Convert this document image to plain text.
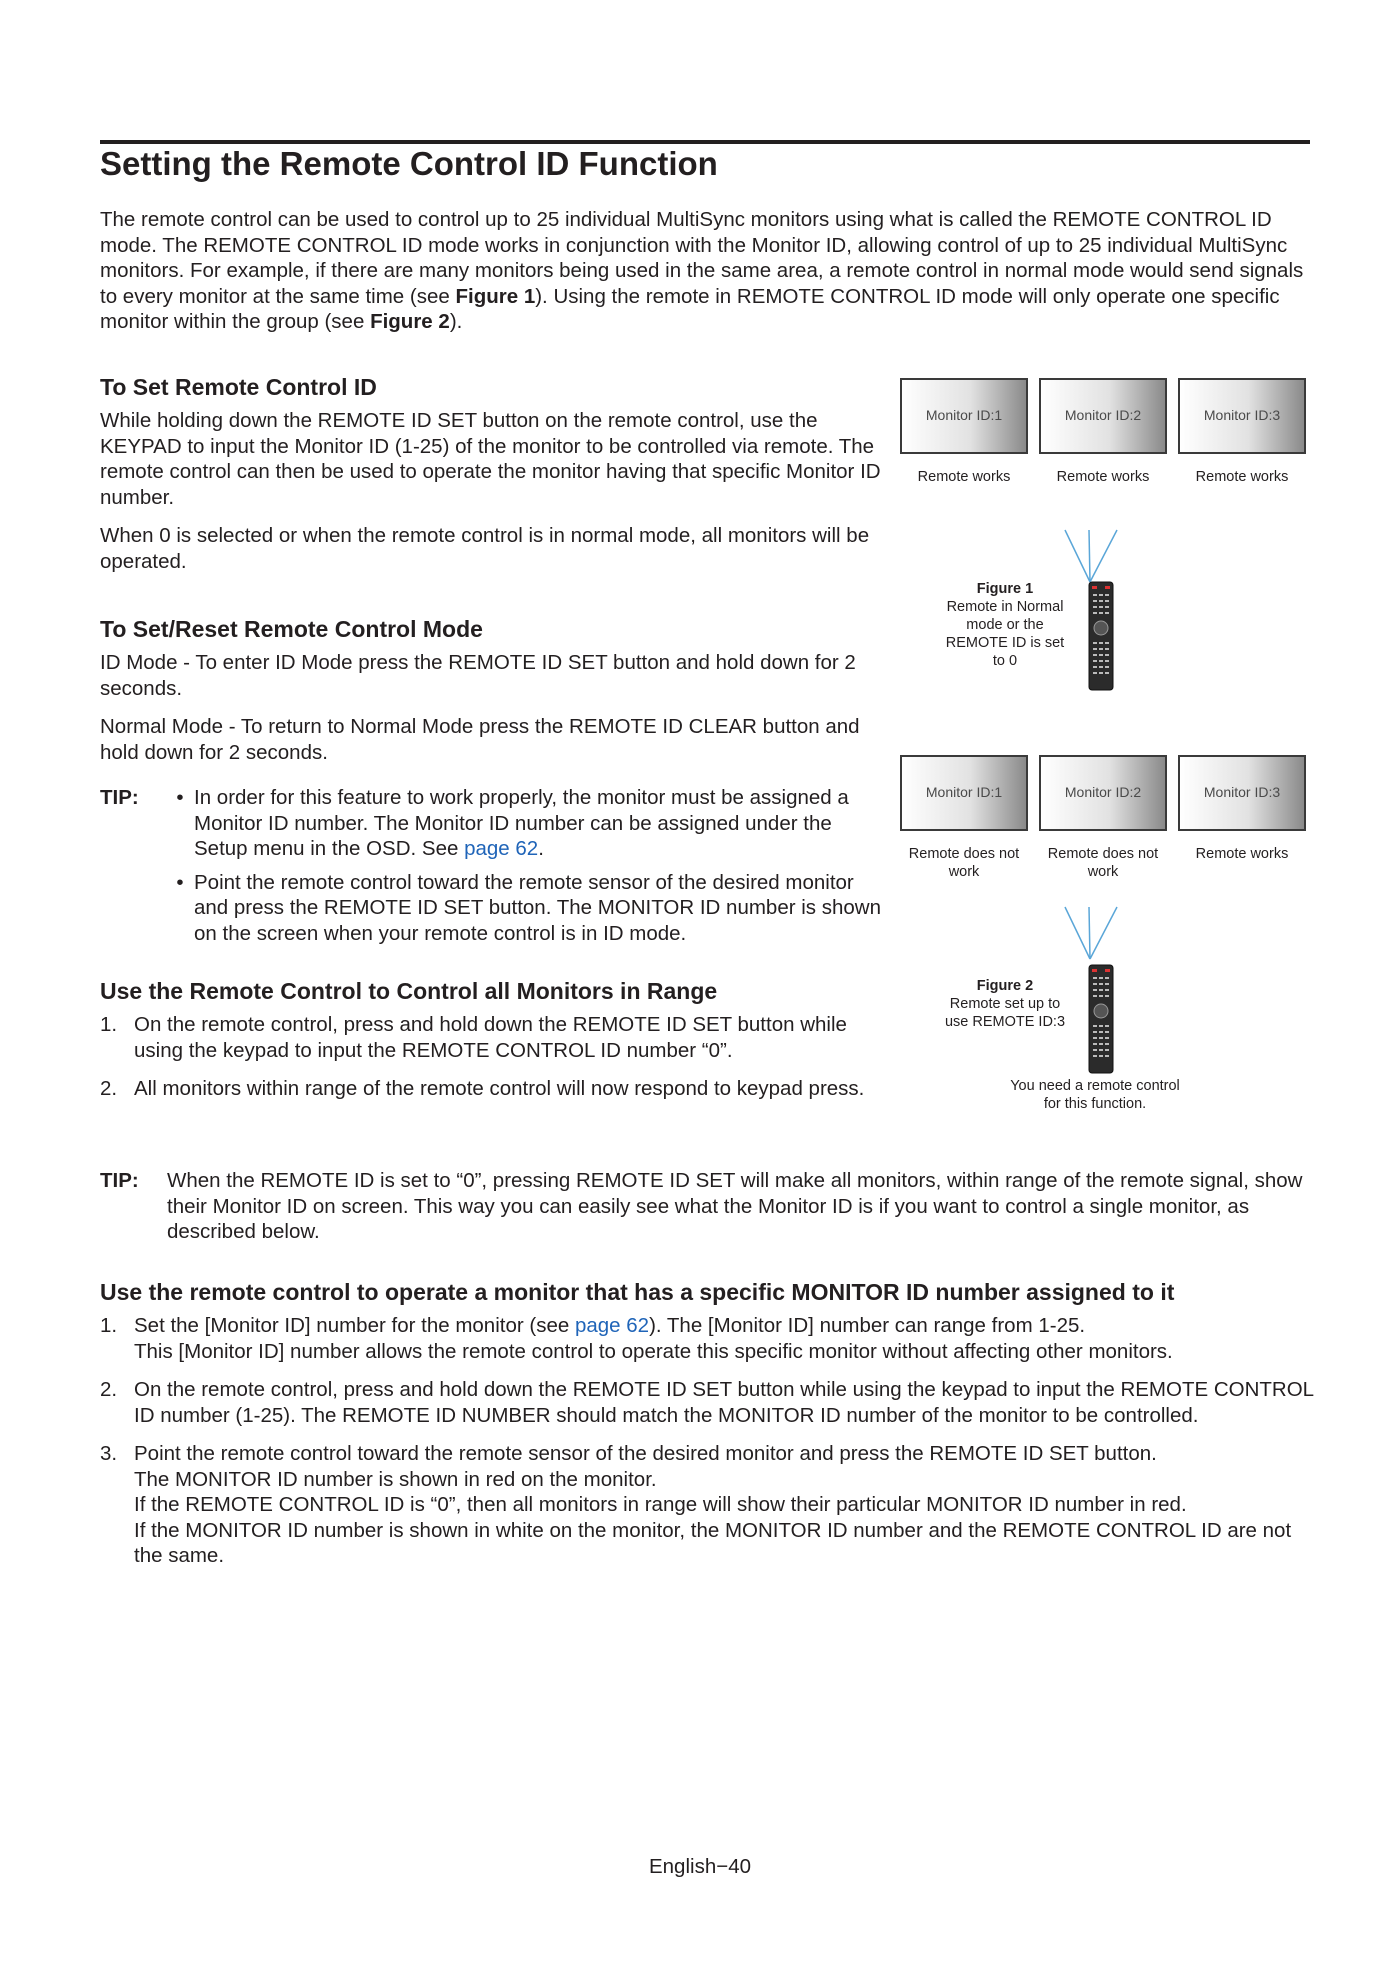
Setting the Remote Control ID Function

The remote control can be used to control up to 25 individual MultiSync monitors using what is called the REMOTE CONTROL ID mode. The REMOTE CONTROL ID mode works in conjunction with the Monitor ID, allowing control of up to 25 individual MultiSync monitors. For example, if there are many monitors being used in the same area, a remote control in normal mode would send signals to every monitor at the same time (see Figure 1). Using the remote in REMOTE CONTROL ID mode will only operate one specific monitor within the group (see Figure 2).

To Set Remote Control ID

While holding down the REMOTE ID SET button on the remote control, use the KEYPAD to input the Monitor ID (1-25) of the monitor to be controlled via remote. The remote control can then be used to operate the monitor having that specific Monitor ID number.

When 0 is selected or when the remote control is in normal mode, all monitors will be operated.

To Set/Reset Remote Control Mode

ID Mode - To enter ID Mode press the REMOTE ID SET button and hold down for 2 seconds.

Normal Mode - To return to Normal Mode press the REMOTE ID CLEAR button and hold down for 2 seconds.

TIP:	• In order for this feature to work properly, the monitor must be assigned a Monitor ID number. The Monitor ID number can be assigned under the Setup menu in the OSD. See page 62.
• Point the remote control toward the remote sensor of the desired monitor and press the REMOTE ID SET button. The MONITOR ID number is shown on the screen when your remote control is in ID mode.
Use the Remote Control to Control all Monitors in Range
1. On the remote control, press and hold down the REMOTE ID SET button while using the keypad to input the REMOTE CONTROL ID number “0”.
2. All monitors within range of the remote control will now respond to keypad press.
TIP:	When the REMOTE ID is set to “0”, pressing REMOTE ID SET will make all monitors, within range of the remote signal, show their Monitor ID on screen. This way you can easily see what the Monitor ID is if you want to control a single monitor, as described below.
Use the remote control to operate a monitor that has a specific MONITOR ID number assigned to it
1. Set the [Monitor ID] number for the monitor (see page 62). The [Monitor ID] number can range from 1-25.

This [Monitor ID] number allows the remote control to operate this specific monitor without affecting other monitors.

2. On the remote control, press and hold down the REMOTE ID SET button while using the keypad to input the REMOTE CONTROL ID number (1-25). The REMOTE ID NUMBER should match the MONITOR ID number of the monitor to be controlled.
3. Point the remote control toward the remote sensor of the desired monitor and press the REMOTE ID SET button.

The MONITOR ID number is shown in red on the monitor.

If the REMOTE CONTROL ID is “0”, then all monitors in range will show their particular MONITOR ID number in red.

If the MONITOR ID number is shown in white on the monitor, the MONITOR ID number and the REMOTE CONTROL ID are not the same.

Monitor ID:1	Monitor ID:2	Monitor ID:3
Remote works	Remote works	Remote works
Figure 1
Remote in Normal mode or the REMOTE ID is set to 0
Monitor ID:1	Monitor ID:2	Monitor ID:3
Remote does not work
Remote does not work
Remote works
Figure 2
Remote set up to use REMOTE ID:3
You need a remote control for this function.
English−40
